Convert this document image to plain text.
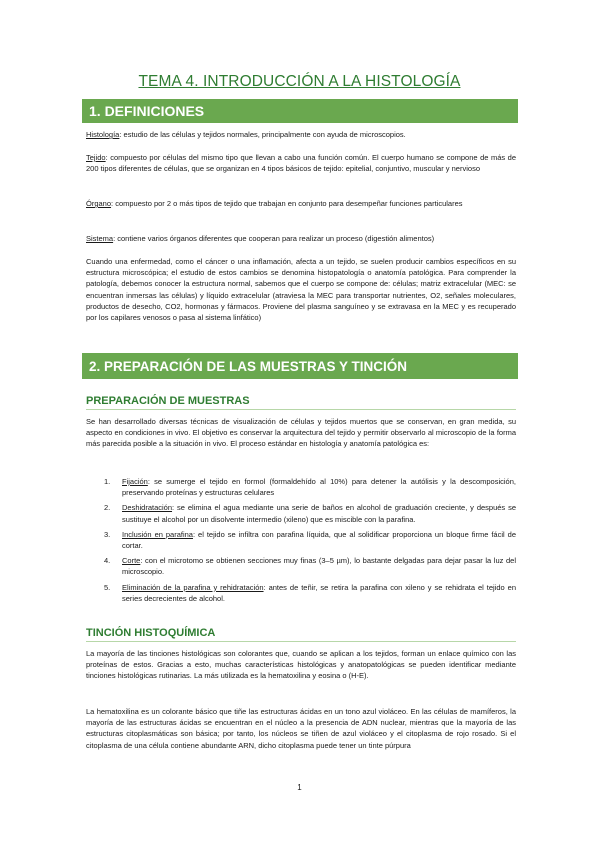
TEMA 4. INTRODUCCIÓN A LA HISTOLOGÍA
1. DEFINICIONES

Histología: estudio de las células y tejidos normales, principalmente con ayuda de microscopios.

Tejido: compuesto por células del mismo tipo que llevan a cabo una función común. El cuerpo humano se compone de más de 200 tipos diferentes de células, que se organizan en 4 tipos básicos de tejido: epitelial, conjuntivo, muscular y nervioso

Órgano: compuesto por 2 o más tipos de tejido que trabajan en conjunto para desempeñar funciones particulares

Sistema: contiene varios órganos diferentes que cooperan para realizar un proceso (digestión alimentos)

Cuando una enfermedad, como el cáncer o una inflamación, afecta a un tejido, se suelen producir cambios específicos en su estructura microscópica; el estudio de estos cambios se denomina histopatología o anatomía patológica. Para comprender la patología, debemos conocer la estructura normal, sabemos que el cuerpo se compone de: células; matriz extracelular (MEC: se encuentran inmersas las células) y líquido extracelular (atraviesa la MEC para transportar nutrientes, O2, señales moleculares, productos de desecho, CO2, hormonas y fármacos. Proviene del plasma sanguíneo y se extravasa en la MEC y es recuperado por los capilares venosos o pasa al sistema linfático)

2. PREPARACIÓN DE LAS MUESTRAS Y TINCIÓN
PREPARACIÓN DE MUESTRAS

Se han desarrollado diversas técnicas de visualización de células y tejidos muertos que se conservan, en gran medida, su aspecto en condiciones in vivo. El objetivo es conservar la arquitectura del tejido y permitir observarlo al microscopio de la forma más parecida posible a la situación in vivo. El proceso estándar en histología y anatomía patológica es:

1. Fijación: se sumerge el tejido en formol (formaldehído al 10%) para detener la autólisis y la descomposición, preservando proteínas y estructuras celulares
2. Deshidratación: se elimina el agua mediante una serie de baños en alcohol de graduación creciente, y después se sustituye el alcohol por un disolvente intermedio (xileno) que es miscible con la parafina.
3. Inclusión en parafina: el tejido se infiltra con parafina líquida, que al solidificar proporciona un bloque firme fácil de cortar.
4. Corte: con el microtomo se obtienen secciones muy finas (3–5 µm), lo bastante delgadas para dejar pasar la luz del microscopio.
5. Eliminación de la parafina y rehidratación: antes de teñir, se retira la parafina con xileno y se rehidrata el tejido en series decrecientes de alcohol.
TINCIÓN HISTOQUÍMICA

La mayoría de las tinciones histológicas son colorantes que, cuando se aplican a los tejidos, forman un enlace químico con las proteínas de estos. Gracias a esto, muchas características histológicas y anatopatológicas se pueden identificar mediante tinciones histológicas rutinarias. La más utilizada es la hematoxilina y eosina o (H-E).

La hematoxilina es un colorante básico que tiñe las estructuras ácidas en un tono azul violáceo. En las células de mamíferos, la mayoría de las estructuras ácidas se encuentran en el núcleo a la presencia de ADN nuclear, mientras que la mayoría de las estructuras citoplasmáticas son básica; por tanto, los núcleos se tiñen de azul violáceo y el citoplasma de rojo rosado. Si el citoplasma de una célula contiene abundante ARN, dicho citoplasma puede tener un tinte púrpura

1
